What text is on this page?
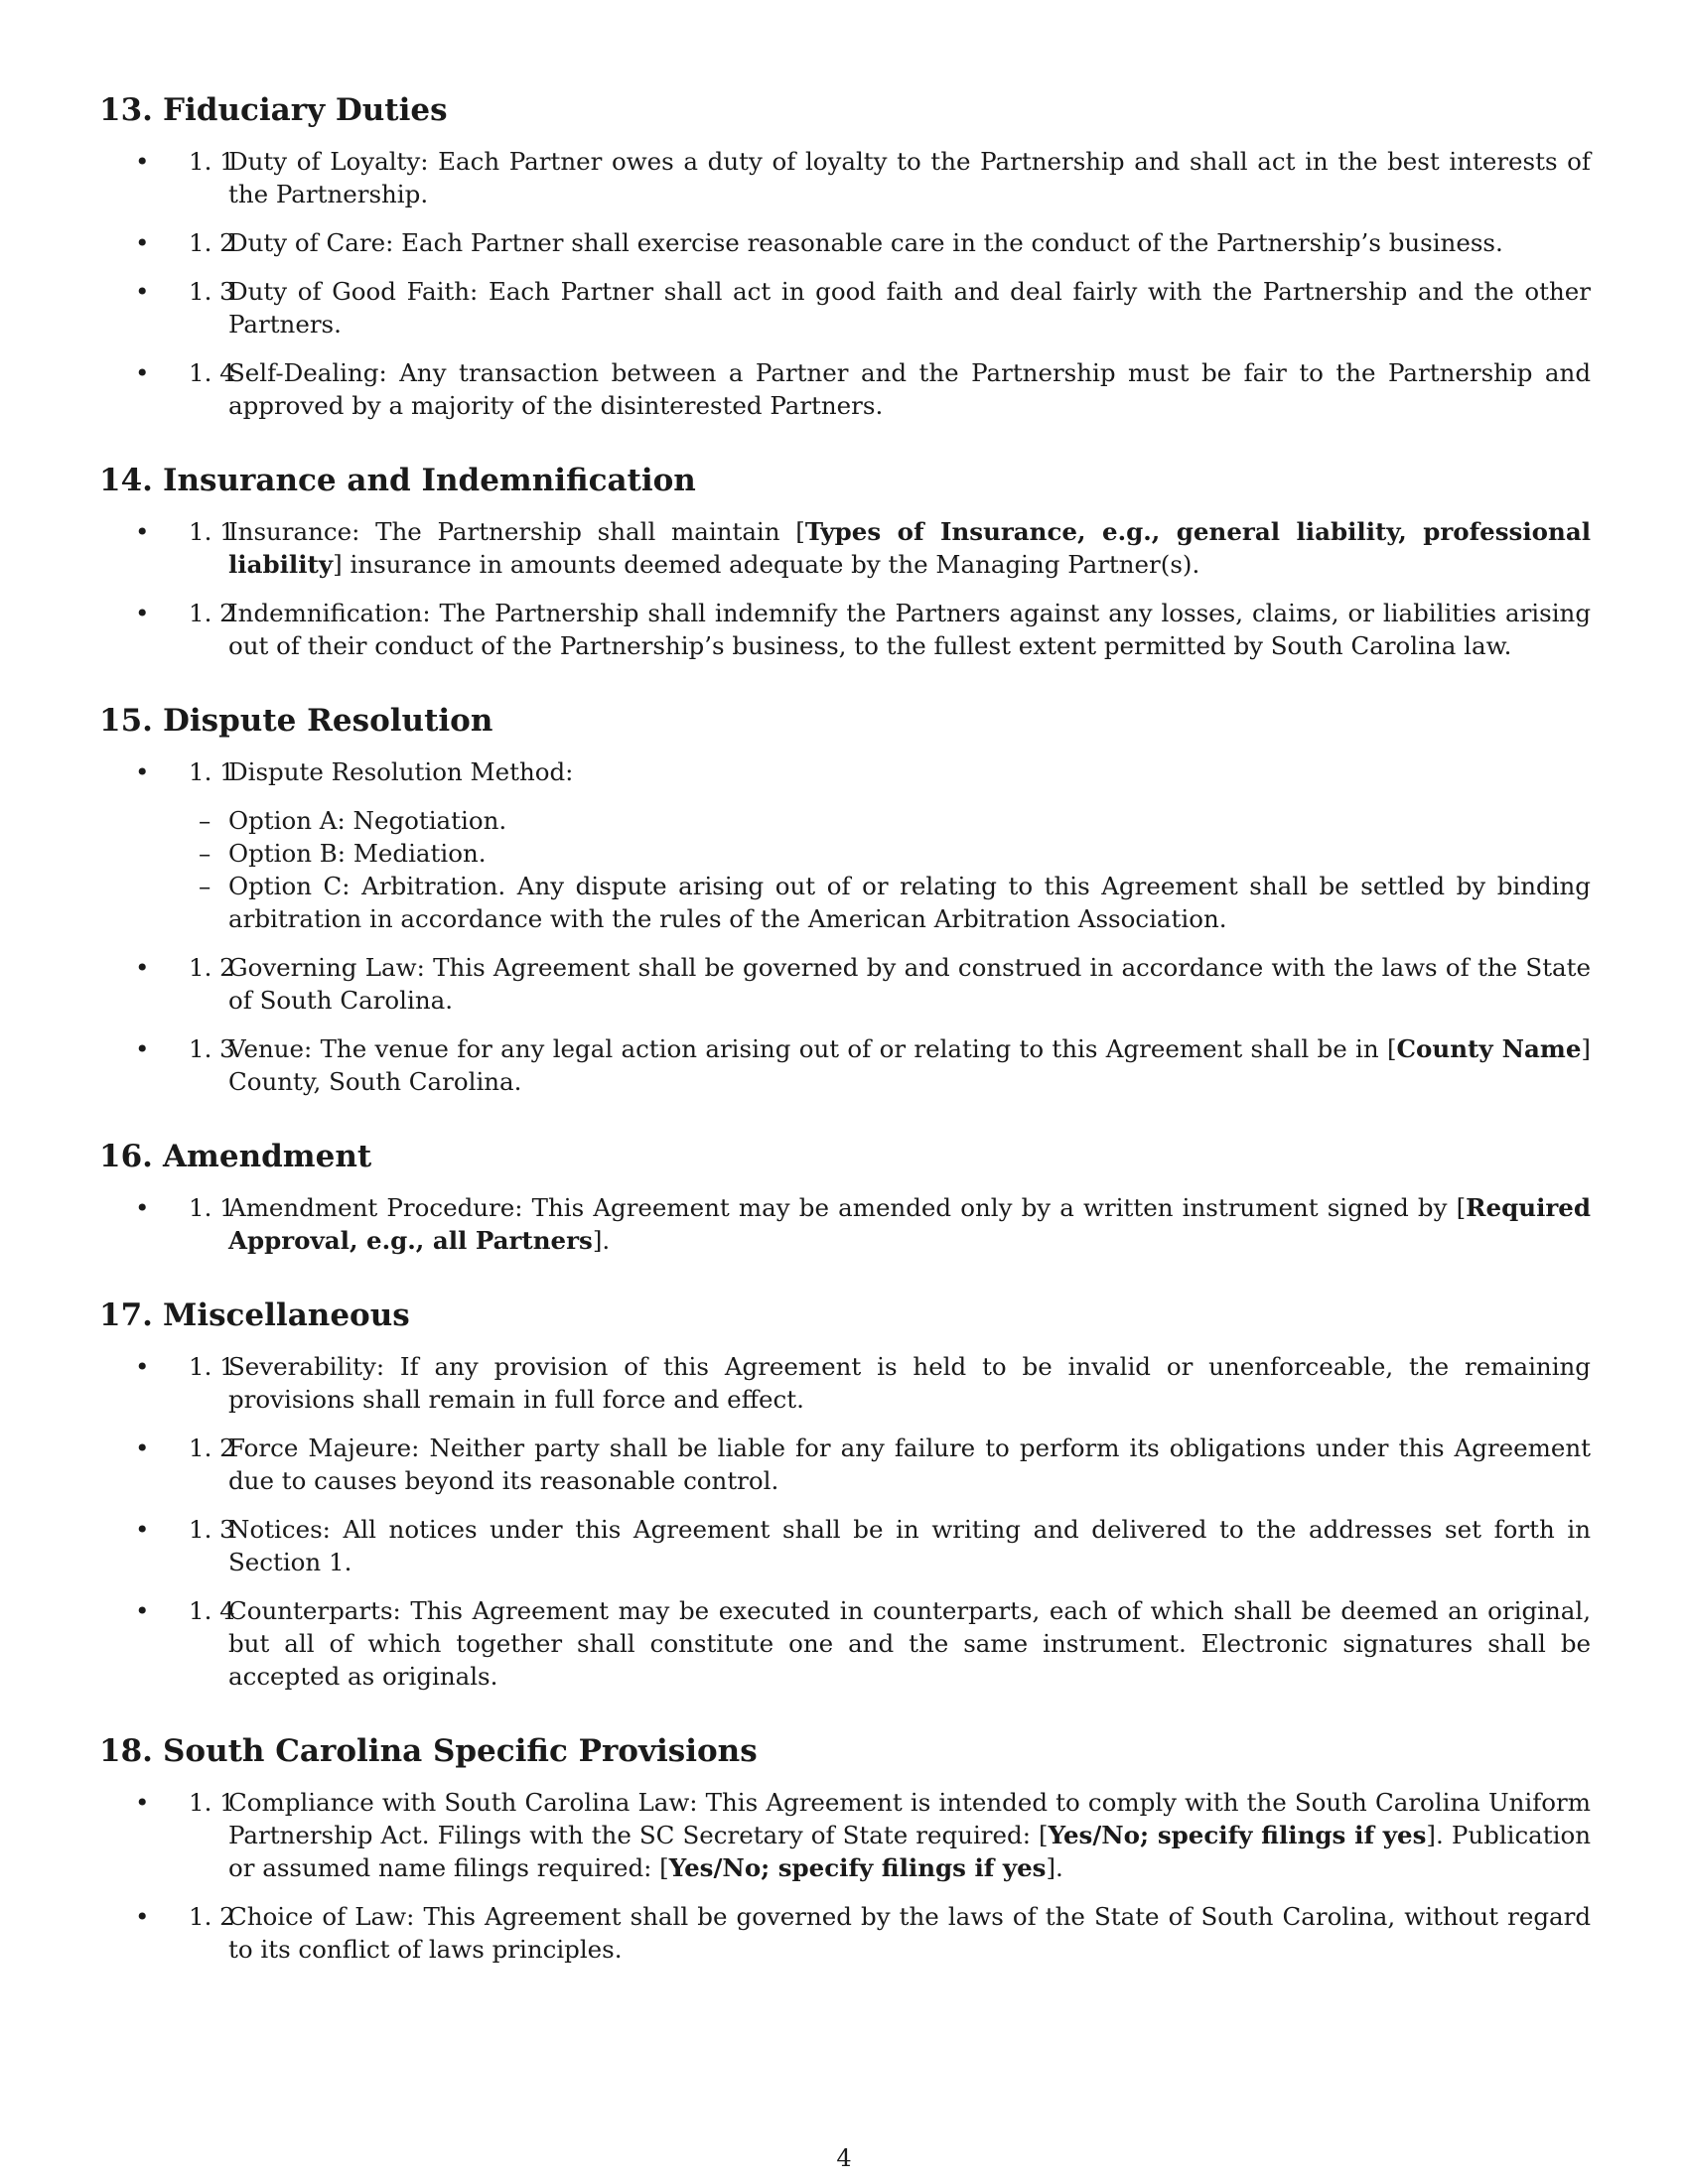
13. Fiduciary Duties
• 1. 1
Duty of Loyalty: Each Partner owes a duty of loyalty to the Partnership and shall act in the best interests of the Partnership.
• 1. 2
Duty of Care: Each Partner shall exercise reasonable care in the conduct of the Partnership’s business.
• 1. 3
Duty of Good Faith: Each Partner shall act in good faith and deal fairly with the Partnership and the other Partners.
• 1. 4
Self-Dealing: Any transaction between a Partner and the Partnership must be fair to the Partnership and approved by a majority of the disinterested Partners.
14. Insurance and Indemnification
• 1. 1
Insurance: The Partnership shall maintain [Types of Insurance, e.g., general liability, professional liability] insurance in amounts deemed adequate by the Managing Partner(s).
• 1. 2
Indemnification: The Partnership shall indemnify the Partners against any losses, claims, or liabilities arising out of their conduct of the Partnership’s business, to the fullest extent permitted by South Carolina law.
15. Dispute Resolution
• 1. 1
Dispute Resolution Method:
– Option A: Negotiation.
– Option B: Mediation.
– Option C: Arbitration. Any dispute arising out of or relating to this Agreement shall be settled by binding arbitration in accordance with the rules of the American Arbitration Association.
• 1. 2
Governing Law: This Agreement shall be governed by and construed in accordance with the laws of the State of South Carolina.
• 1. 3
Venue: The venue for any legal action arising out of or relating to this Agreement shall be in [County Name] County, South Carolina.
16. Amendment
• 1. 1
Amendment Procedure: This Agreement may be amended only by a written instrument signed by [Required Approval, e.g., all Partners].
17. Miscellaneous
• 1. 1
Severability: If any provision of this Agreement is held to be invalid or unenforceable, the remaining provisions shall remain in full force and effect.
• 1. 2
Force Majeure: Neither party shall be liable for any failure to perform its obligations under this Agreement due to causes beyond its reasonable control.
• 1. 3
Notices: All notices under this Agreement shall be in writing and delivered to the addresses set forth in Section 1.
• 1. 4
Counterparts: This Agreement may be executed in counterparts, each of which shall be deemed an original, but all of which together shall constitute one and the same instrument. Electronic signatures shall be accepted as originals.
18. South Carolina Specific Provisions
• 1. 1
Compliance with South Carolina Law: This Agreement is intended to comply with the South Carolina Uniform Partnership Act. Filings with the SC Secretary of State required: [Yes/No; specify filings if yes]. Publication or assumed name filings required: [Yes/No; specify filings if yes].
• 1. 2
Choice of Law: This Agreement shall be governed by the laws of the State of South Carolina, without regard to its conflict of laws principles.
4
